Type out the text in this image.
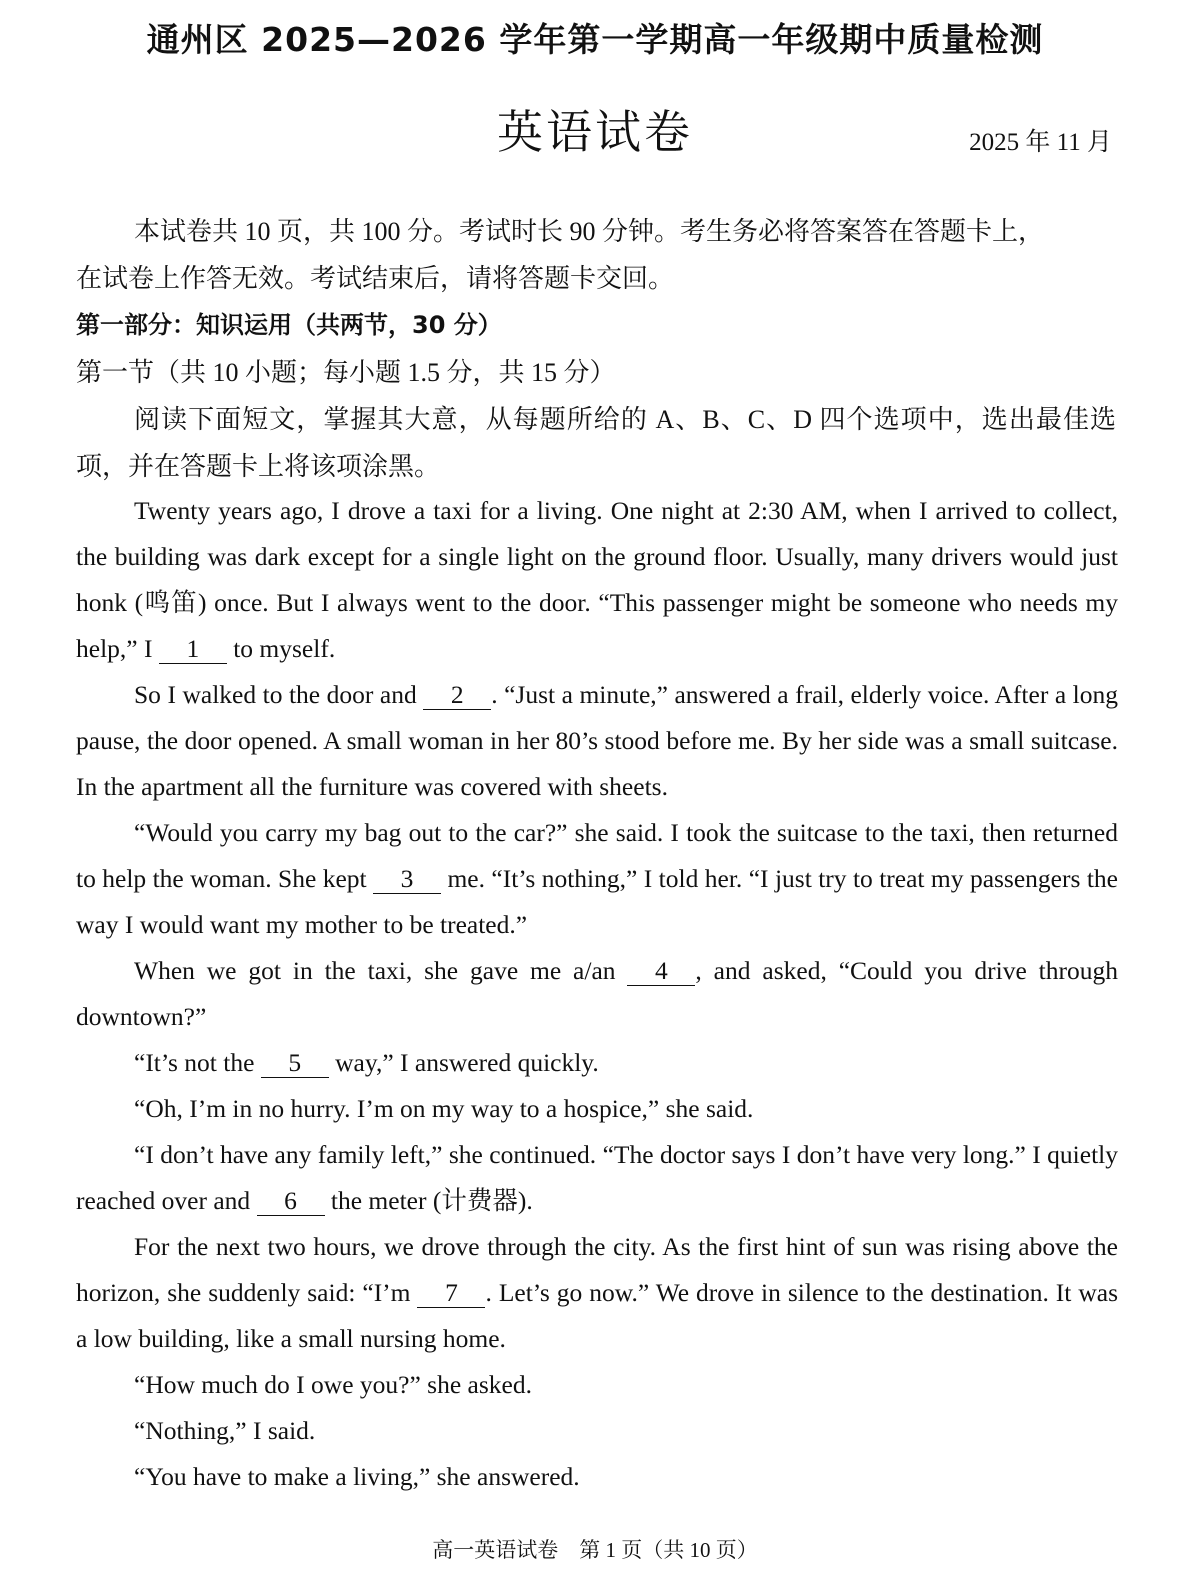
通州区 2025—2026 学年第一学期高一年级期中质量检测
英语试卷	2025 年 11 月
本试卷共 10 页，共 100 分。考试时长 90 分钟。考生务必将答案答在答题卡上，
在试卷上作答无效。考试结束后，请将答题卡交回。
第一部分：知识运用（共两节，30 分）
第一节（共 10 小题；每小题 1.5 分，共 15 分）
阅读下面短文，掌握其大意，从每题所给的 A、B、C、D 四个选项中，选出最佳选项，并在答题卡上将该项涂黑。

Twenty years ago, I drove a taxi for a living. One night at 2:30 AM, when I arrived to collect, the building was dark except for a single light on the ground floor. Usually, many drivers would just honk (鸣笛) once. But I always went to the door. “This passenger might be someone who needs my help,” I 1 to myself.

So I walked to the door and 2 . “Just a minute,” answered a frail, elderly voice. After a long pause, the door opened. A small woman in her 80’s stood before me. By her side was a small suitcase. In the apartment all the furniture was covered with sheets.

“Would you carry my bag out to the car?” she said. I took the suitcase to the taxi, then returned to help the woman. She kept 3 me. “It’s nothing,” I told her. “I just try to treat my passengers the way I would want my mother to be treated.”

When we got in the taxi, she gave me a/an 4 , and asked, “Could you drive through downtown?”

“It’s not the 5 way,” I answered quickly.

“Oh, I’m in no hurry. I’m on my way to a hospice,” she said.

“I don’t have any family left,” she continued. “The doctor says I don’t have very long.” I quietly reached over and 6 the meter (计费器).

For the next two hours, we drove through the city. As the first hint of sun was rising above the horizon, she suddenly said: “I’m 7 . Let’s go now.” We drove in silence to the destination. It was a low building, like a small nursing home.

“How much do I owe you?” she asked.

“Nothing,” I said.

“You have to make a living,” she answered.

高一英语试卷　第 1 页（共 10 页）
